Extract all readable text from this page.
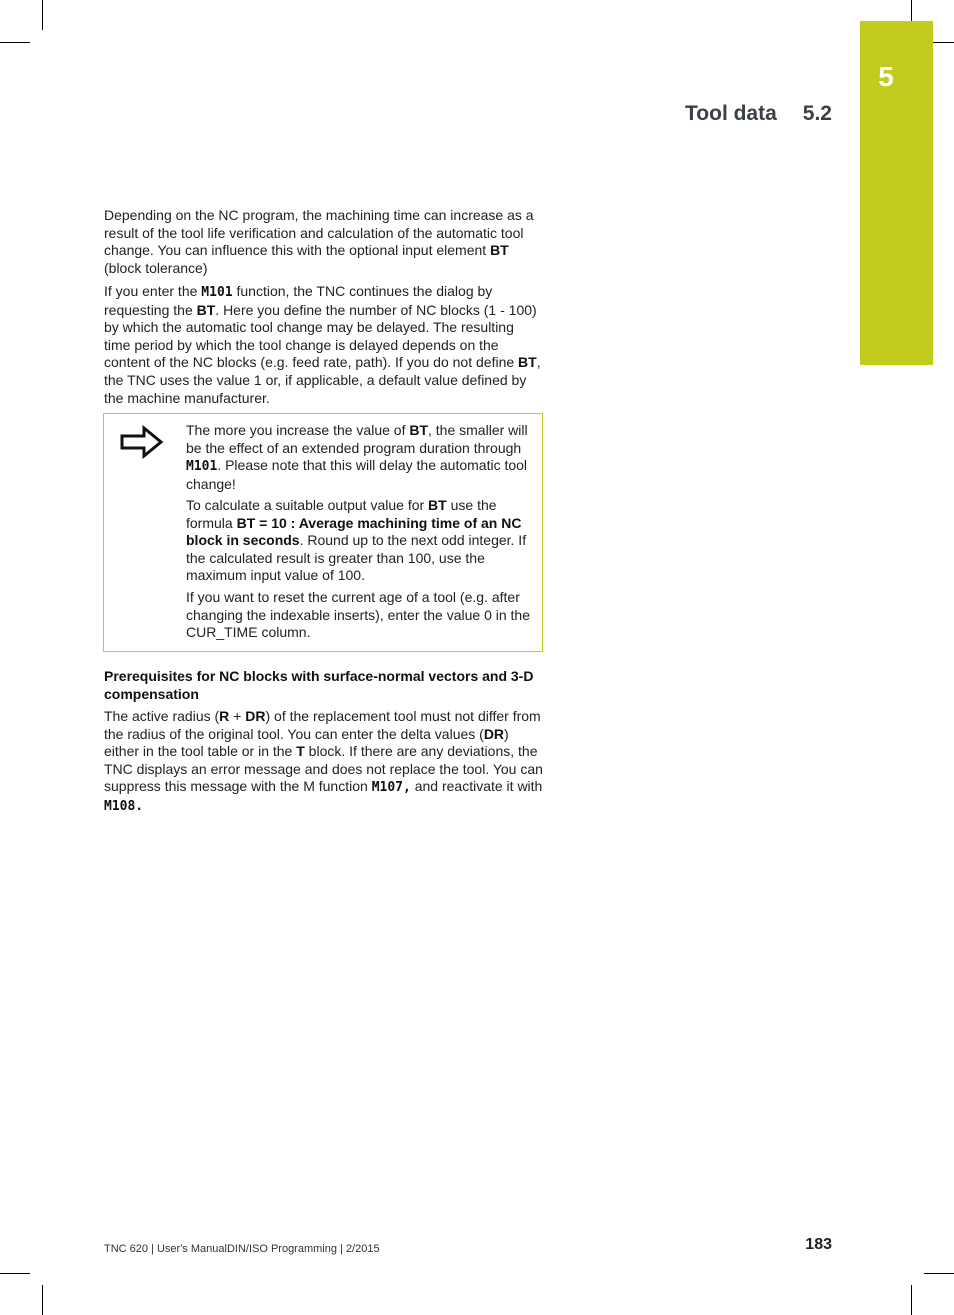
5
Tool data 5.2

Depending on the NC program, the machining time can increase as a result of the tool life verification and calculation of the automatic tool change. You can influence this with the optional input element BT (block tolerance)

If you enter the M101 function, the TNC continues the dialog by requesting the BT. Here you define the number of NC blocks (1 - 100) by which the automatic tool change may be delayed. The resulting time period by which the tool change is delayed depends on the content of the NC blocks (e.g. feed rate, path). If you do not define BT, the TNC uses the value 1 or, if applicable, a default value defined by the machine manufacturer.

The more you increase the value of BT, the smaller will be the effect of an extended program duration through M101. Please note that this will delay the automatic tool change!

To calculate a suitable output value for BT use the formula BT = 10 : Average machining time of an NC block in seconds. Round up to the next odd integer. If the calculated result is greater than 100, use the maximum input value of 100.

If you want to reset the current age of a tool (e.g. after changing the indexable inserts), enter the value 0 in the CUR_TIME column.

Prerequisites for NC blocks with surface-normal vectors and 3-D compensation

The active radius (R + DR) of the replacement tool must not differ from the radius of the original tool. You can enter the delta values (DR) either in the tool table or in the T block. If there are any deviations, the TNC displays an error message and does not replace the tool. You can suppress this message with the M function M107, and reactivate it with M108.

TNC 620 | User's ManualDIN/ISO Programming | 2/2015	183
